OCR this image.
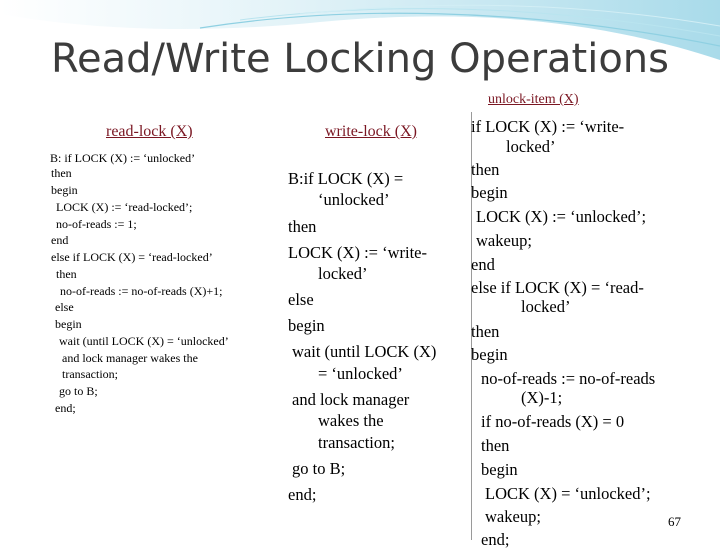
Read/Write Locking Operations
read-lock (X)
B: if LOCK (X) := ‘unlocked’
then
begin
LOCK (X) := ‘read-locked’;
no-of-reads := 1;
end
else if LOCK (X) = ‘read-locked’
then
no-of-reads := no-of-reads (X)+1;
else
begin
wait (until LOCK (X) = ‘unlocked’
and lock manager wakes the
transaction;
go to B;
end;
write-lock (X)
B:if LOCK (X) =
‘unlocked’
then
LOCK (X) := ‘write-
locked’
else
begin
wait (until LOCK (X)
= ‘unlocked’
and lock manager
wakes the
transaction;
go to B;
end;
unlock-item (X)
if LOCK (X) := ‘write-
locked’
then
begin
LOCK (X) := ‘unlocked’;
wakeup;
end
else if LOCK (X) = ‘read-
locked’
then
begin
no-of-reads := no-of-reads
(X)-1;
if no-of-reads (X) = 0
then
begin
LOCK (X) = ‘unlocked’;
wakeup;
end;
67
